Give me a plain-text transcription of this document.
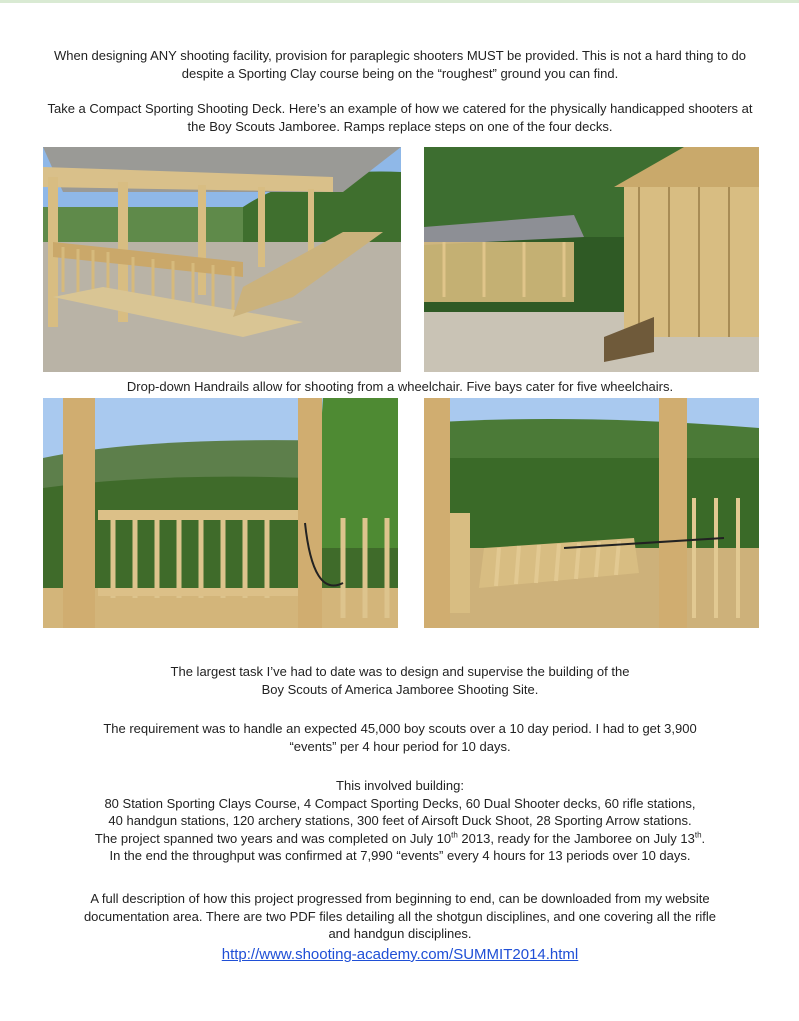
When designing ANY shooting facility, provision for paraplegic shooters MUST be provided. This is not a hard thing to do
despite a Sporting Clay course being on the “roughest” ground you can find.
Take a Compact Sporting Shooting Deck. Here’s an example of how we catered for the physically handicapped shooters at
the Boy Scouts Jamboree. Ramps replace steps on one of the four decks.
Drop-down Handrails allow for shooting from a wheelchair. Five bays cater for five wheelchairs.
The largest task I’ve had to date was to design and supervise the building of the
Boy Scouts of America Jamboree Shooting Site.
The requirement was to handle an expected 45,000 boy scouts over a 10 day period. I had to get 3,900
“events” per 4 hour period for 10 days.
This involved building:
80 Station Sporting Clays Course, 4 Compact Sporting Decks, 60 Dual Shooter decks, 60 rifle stations,
40 handgun stations, 120 archery stations, 300 feet of Airsoft Duck Shoot, 28 Sporting Arrow stations.
The project spanned two years and was completed on July 10th 2013, ready for the Jamboree on July 13th.
In the end the throughput was confirmed at 7,990 “events” every 4 hours for 13 periods over 10 days.
A full description of how this project progressed from beginning to end, can be downloaded from my website
documentation area. There are two PDF files detailing all the shotgun disciplines, and one covering all the rifle
and handgun disciplines.
http://www.shooting-academy.com/SUMMIT2014.html
